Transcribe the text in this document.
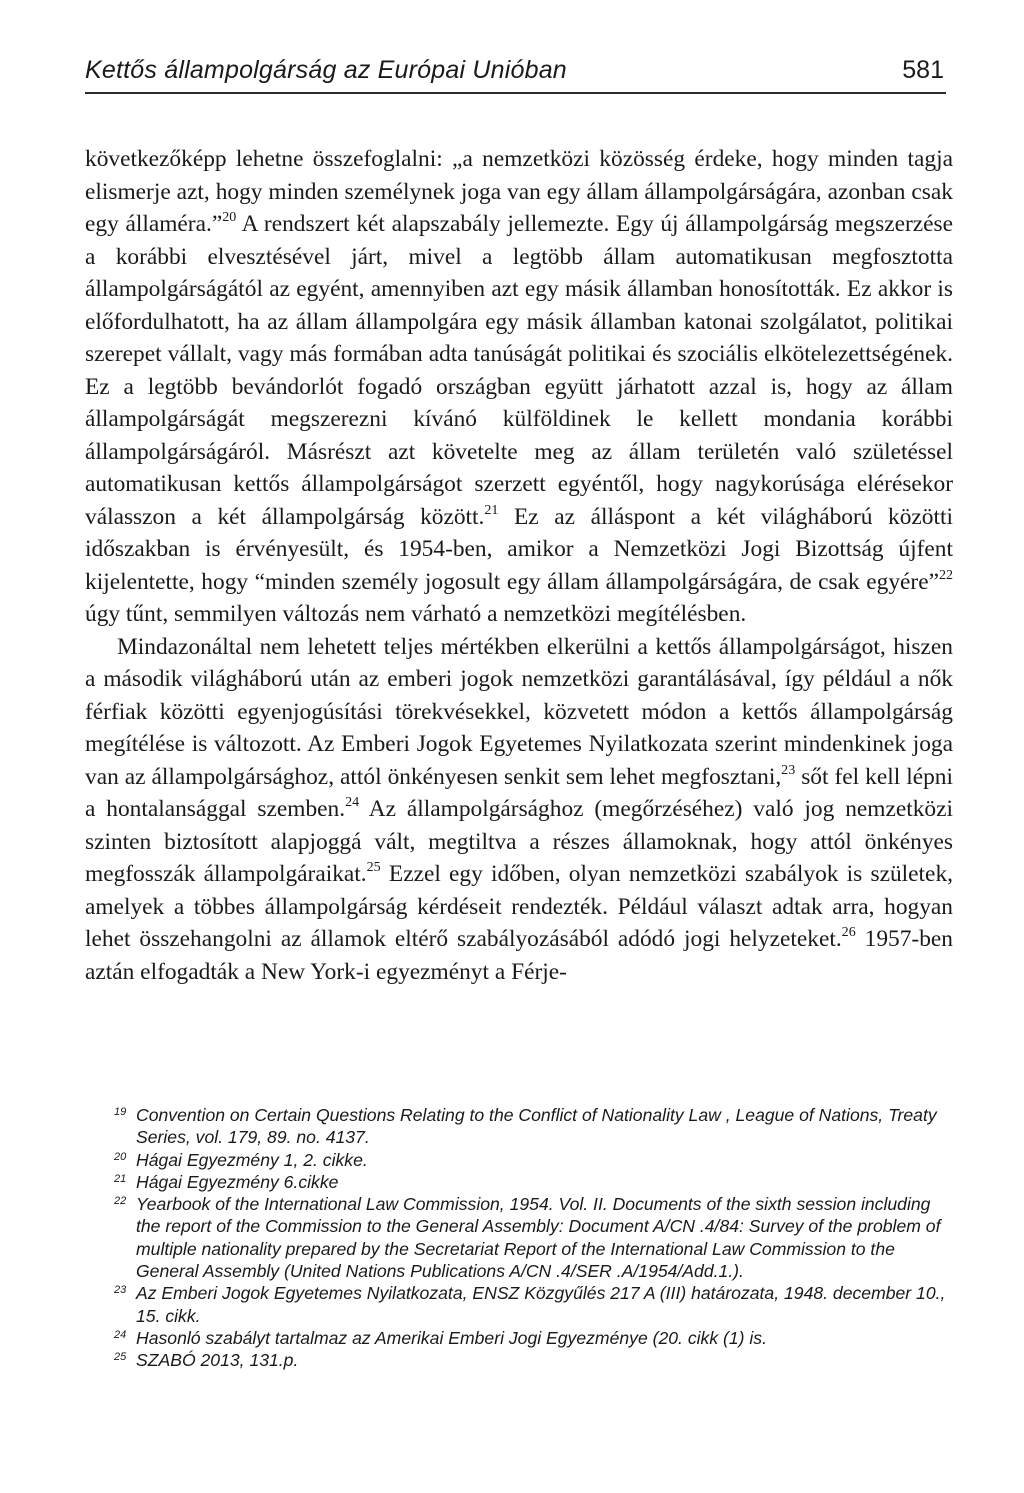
Kettős állampolgárság az Európai Unióban	581

következőképp lehetne összefoglalni: „a nemzetközi közösség érdeke, hogy minden tagja elismerje azt, hogy minden személynek joga van egy állam állampolgárságára, azonban csak egy államéra.”$^{20}$ A rendszert két alapszabály jellemezte. Egy új állampolgárság megszerzése a korábbi elvesztésével járt, mivel a legtöbb állam automatikusan megfosztotta állampolgárságától az egyént, amennyiben azt egy másik államban honosították. Ez akkor is előfordulhatott, ha az állam állampolgára egy másik államban katonai szolgálatot, politikai szerepet vállalt, vagy más formában adta tanúságát politikai és szociális elkötelezettségének. Ez a legtöbb bevándorlót fogadó országban együtt járhatott azzal is, hogy az állam állampolgárságát megszerezni kívánó külföldinek le kellett mondania korábbi állampolgárságáról. Másrészt azt követelte meg az állam területén való születéssel automatikusan kettős állampolgárságot szerzett egyéntől, hogy nagykorúsága elérésekor válasszon a két állampolgárság között.$^{21}$ Ez az álláspont a két világháború közötti időszakban is érvényesült, és 1954-ben, amikor a Nemzetközi Jogi Bizottság újfent kijelentette, hogy “minden személy jogosult egy állam állampolgárságára, de csak egyére”$^{22}$ úgy tűnt, semmilyen változás nem várható a nemzetközi megítélésben.

Mindazonáltal nem lehetett teljes mértékben elkerülni a kettős állampolgárságot, hiszen a második világháború után az emberi jogok nemzetközi garantálásával, így például a nők férfiak közötti egyenjogúsítási törekvésekkel, közvetett módon a kettős állampolgárság megítélése is változott. Az Emberi Jogok Egyetemes Nyilatkozata szerint mindenkinek joga van az állampolgársághoz, attól önkényesen senkit sem lehet megfosztani,$^{23}$ sőt fel kell lépni a hontalansággal szemben.$^{24}$ Az állampolgársághoz (megőrzéséhez) való jog nemzetközi szinten biztosított alapjoggá vált, megtiltva a részes államoknak, hogy attól önkényes megfosszák állampolgáraikat.$^{25}$ Ezzel egy időben, olyan nemzetközi szabályok is születek, amelyek a többes állampolgárság kérdéseit rendezték. Például választ adtak arra, hogyan lehet összehangolni az államok eltérő szabályozásából adódó jogi helyzeteket.$^{26}$ 1957-ben aztán elfogadták a New York-i egyezményt a Férje-

19 Convention on Certain Questions Relating to the Conflict of Nationality Law , League of Nations, Treaty Series, vol. 179, 89. no. 4137.
20 Hágai Egyezmény 1, 2. cikke.
21 Hágai Egyezmény 6.cikke
22 Yearbook of the International Law Commission, 1954. Vol. II. Documents of the sixth session including the report of the Commission to the General Assembly: Document A/CN .4/84: Survey of the problem of multiple nationality prepared by the Secretariat Report of the International Law Commission to the General Assembly (United Nations Publications A/CN .4/SER .A/1954/Add.1.).
23 Az Emberi Jogok Egyetemes Nyilatkozata, ENSZ Közgyűlés 217 A (III) határozata, 1948. december 10., 15. cikk.
24 Hasonló szabályt tartalmaz az Amerikai Emberi Jogi Egyezménye (20. cikk (1) is.
25 SZABÓ 2013, 131.p.
